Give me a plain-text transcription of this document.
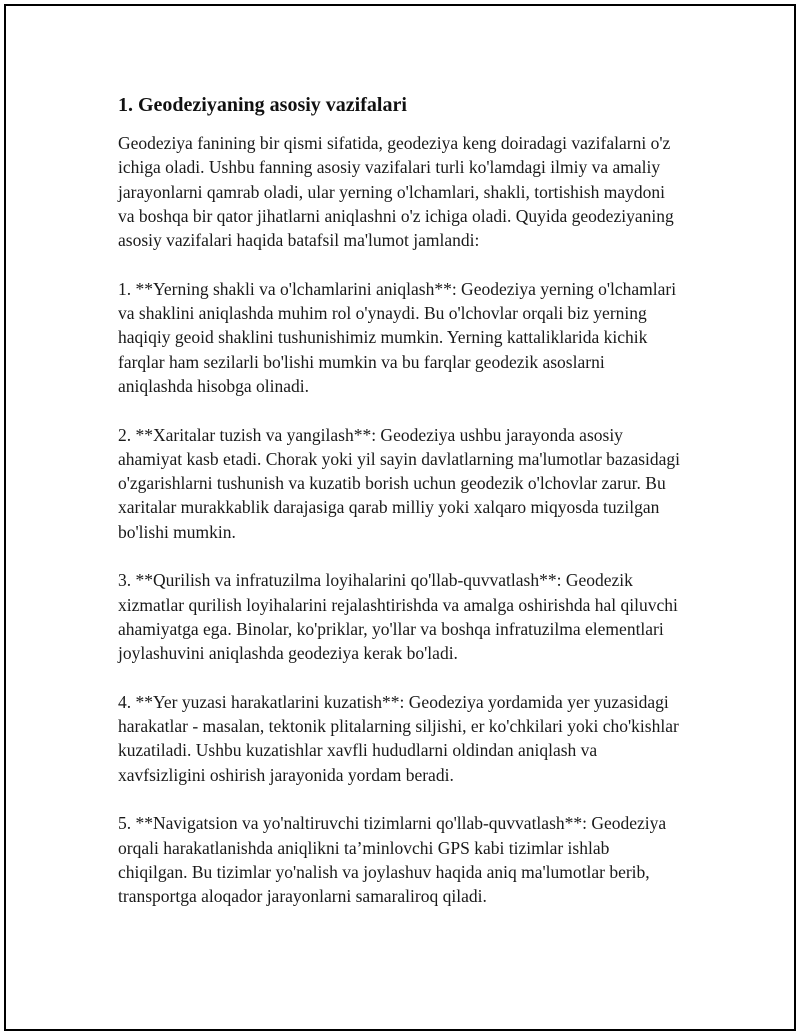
1. Geodeziyaning asosiy vazifalari

Geodeziya fanining bir qismi sifatida, geodeziya keng doiradagi vazifalarni o'z ichiga oladi. Ushbu fanning asosiy vazifalari turli ko'lamdagi ilmiy va amaliy jarayonlarni qamrab oladi, ular yerning o'lchamlari, shakli, tortishish maydoni va boshqa bir qator jihatlarni aniqlashni o'z ichiga oladi. Quyida geodeziyaning asosiy vazifalari haqida batafsil ma'lumot jamlandi:

1. **Yerning shakli va o'lchamlarini aniqlash**: Geodeziya yerning o'lchamlari va shaklini aniqlashda muhim rol o'ynaydi. Bu o'lchovlar orqali biz yerning haqiqiy geoid shaklini tushunishimiz mumkin. Yerning kattaliklarida kichik farqlar ham sezilarli bo'lishi mumkin va bu farqlar geodezik asoslarni aniqlashda hisobga olinadi.

2. **Xaritalar tuzish va yangilash**: Geodeziya ushbu jarayonda asosiy ahamiyat kasb etadi. Chorak yoki yil sayin davlatlarning ma'lumotlar bazasidagi o'zgarishlarni tushunish va kuzatib borish uchun geodezik o'lchovlar zarur. Bu xaritalar murakkablik darajasiga qarab milliy yoki xalqaro miqyosda tuzilgan bo'lishi mumkin.

3. **Qurilish va infratuzilma loyihalarini qo'llab-quvvatlash**: Geodezik xizmatlar qurilish loyihalarini rejalashtirishda va amalga oshirishda hal qiluvchi ahamiyatga ega. Binolar, ko'priklar, yo'llar va boshqa infratuzilma elementlari joylashuvini aniqlashda geodeziya kerak bo'ladi.

4. **Yer yuzasi harakatlarini kuzatish**: Geodeziya yordamida yer yuzasidagi harakatlar - masalan, tektonik plitalarning siljishi, er ko'chkilari yoki cho'kishlar kuzatiladi. Ushbu kuzatishlar xavfli hududlarni oldindan aniqlash va xavfsizligini oshirish jarayonida yordam beradi.

5. **Navigatsion va yo'naltiruvchi tizimlarni qo'llab-quvvatlash**: Geodeziya orqali harakatlanishda aniqlikni ta’minlovchi GPS kabi tizimlar ishlab chiqilgan. Bu tizimlar yo'nalish va joylashuv haqida aniq ma'lumotlar berib, transportga aloqador jarayonlarni samaraliroq qiladi.
